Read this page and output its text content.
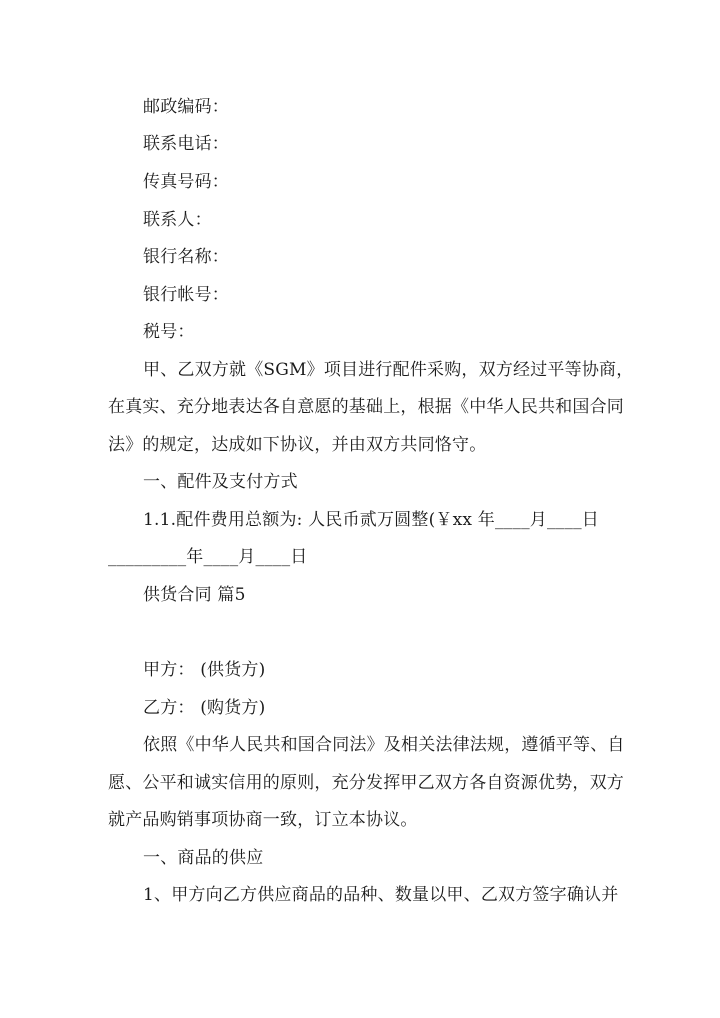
邮政编码：
联系电话：
传真号码：
联系人：
银行名称：
银行帐号：
税号：
甲、乙双方就《SGM》项目进行配件采购，双方经过平等协商，
在真实、充分地表达各自意愿的基础上，根据《中华人民共和国合同
法》的规定，达成如下协议，并由双方共同恪守。
一、配件及支付方式
1.1.配件费用总额为: 人民币贰万圆整(￥xx 年____月____日
_________年____月____日
供货合同 篇5
甲方： (供货方)
乙方： (购货方)
依照《中华人民共和国合同法》及相关法律法规，遵循平等、自
愿、公平和诚实信用的原则，充分发挥甲乙双方各自资源优势，双方
就产品购销事项协商一致，订立本协议。
一、商品的供应
1、甲方向乙方供应商品的品种、数量以甲、乙双方签字确认并
